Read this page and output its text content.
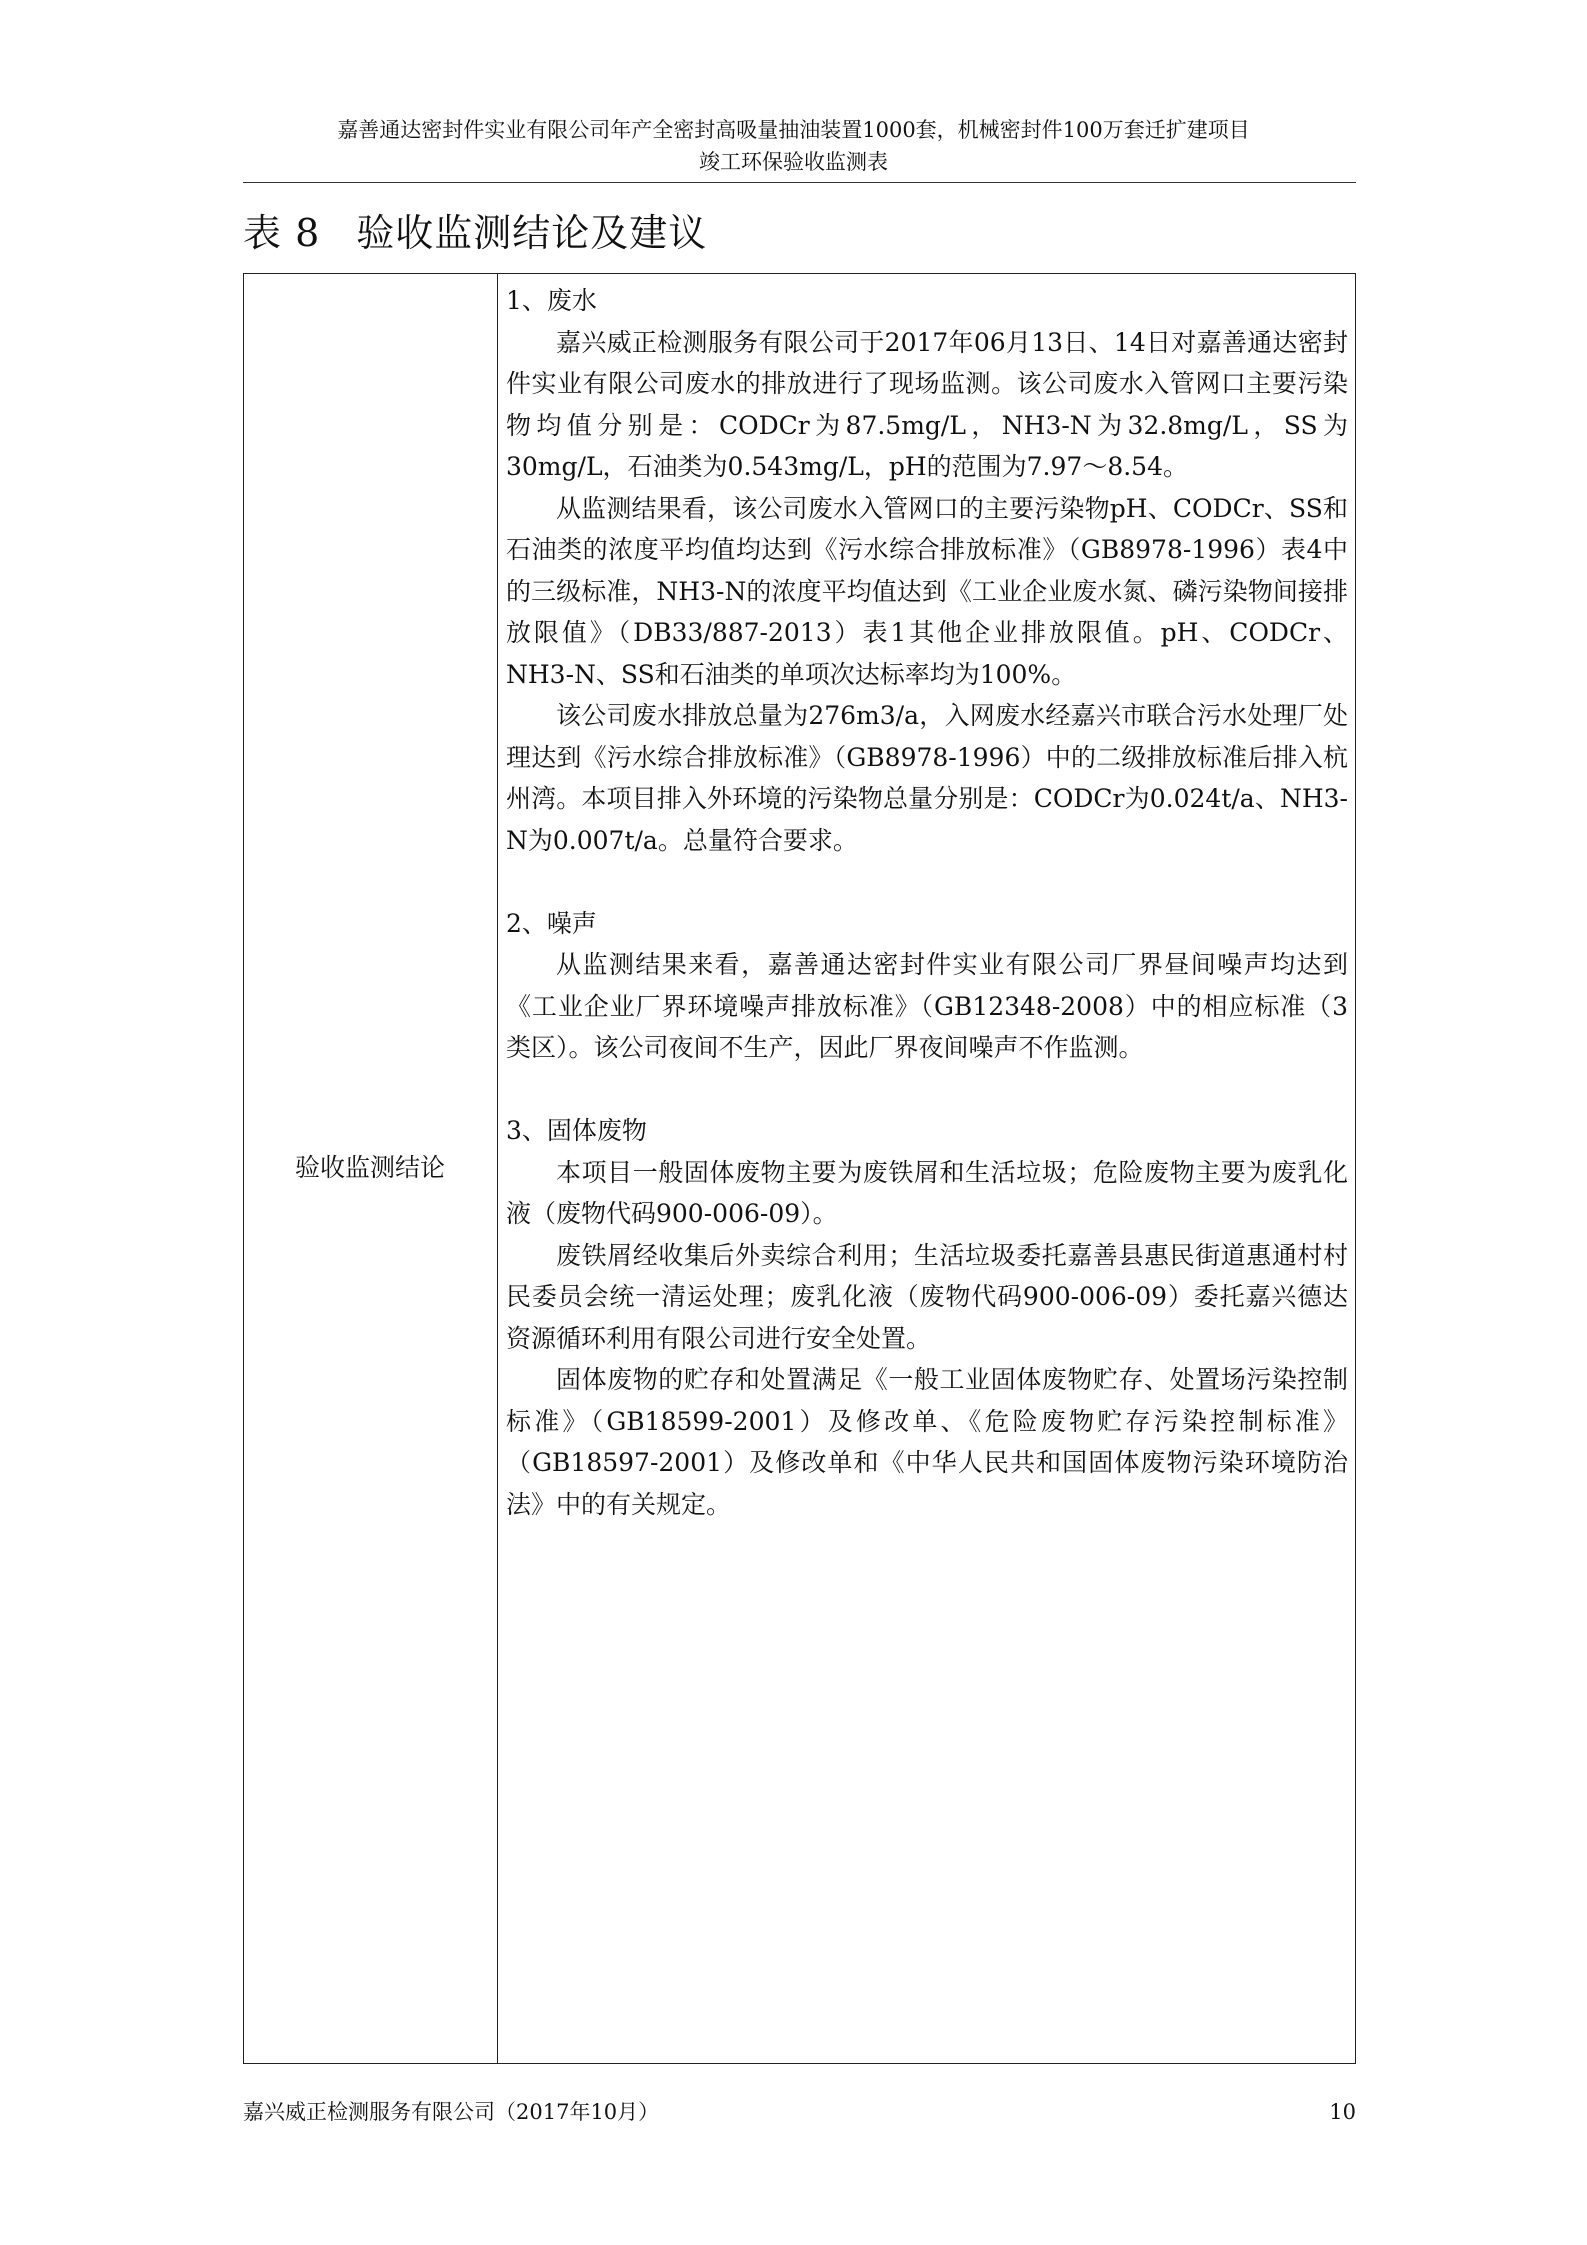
嘉善通达密封件实业有限公司年产全密封高吸量抽油装置1000套，机械密封件100万套迁扩建项目
竣工环保验收监测表
表 8 验收监测结论及建议
验收监测结论

1、废水

嘉兴威正检测服务有限公司于2017年06月13日、14日对嘉善通达密封件实业有限公司废水的排放进行了现场监测。该公司废水入管网口主要污染物均值分别是：CODCr为87.5mg/L，NH3-N为32.8mg/L，SS为30mg/L，石油类为0.543mg/L，pH的范围为7.97～8.54。

从监测结果看，该公司废水入管网口的主要污染物pH、CODCr、SS和石油类的浓度平均值均达到《污水综合排放标准》（GB8978-1996）表4中的三级标准，NH3-N的浓度平均值达到《工业企业废水氮、磷污染物间接排放限值》（DB33/887-2013）表1其他企业排放限值。pH、CODCr、NH3-N、SS和石油类的单项次达标率均为100%。

该公司废水排放总量为276m3/a，入网废水经嘉兴市联合污水处理厂处理达到《污水综合排放标准》（GB8978-1996）中的二级排放标准后排入杭州湾。本项目排入外环境的污染物总量分别是：CODCr为0.024t/a、NH3-N为0.007t/a。总量符合要求。

2、噪声

从监测结果来看，嘉善通达密封件实业有限公司厂界昼间噪声均达到《工业企业厂界环境噪声排放标准》（GB12348-2008）中的相应标准（3类区）。该公司夜间不生产，因此厂界夜间噪声不作监测。

3、固体废物

本项目一般固体废物主要为废铁屑和生活垃圾；危险废物主要为废乳化液（废物代码900-006-09）。

废铁屑经收集后外卖综合利用；生活垃圾委托嘉善县惠民街道惠通村村民委员会统一清运处理；废乳化液（废物代码900-006-09）委托嘉兴德达资源循环利用有限公司进行安全处置。

固体废物的贮存和处置满足《一般工业固体废物贮存、处置场污染控制标准》（GB18599-2001）及修改单、《危险废物贮存污染控制标准》（GB18597-2001）及修改单和《中华人民共和国固体废物污染环境防治法》中的有关规定。

嘉兴威正检测服务有限公司（2017年10月）	10
